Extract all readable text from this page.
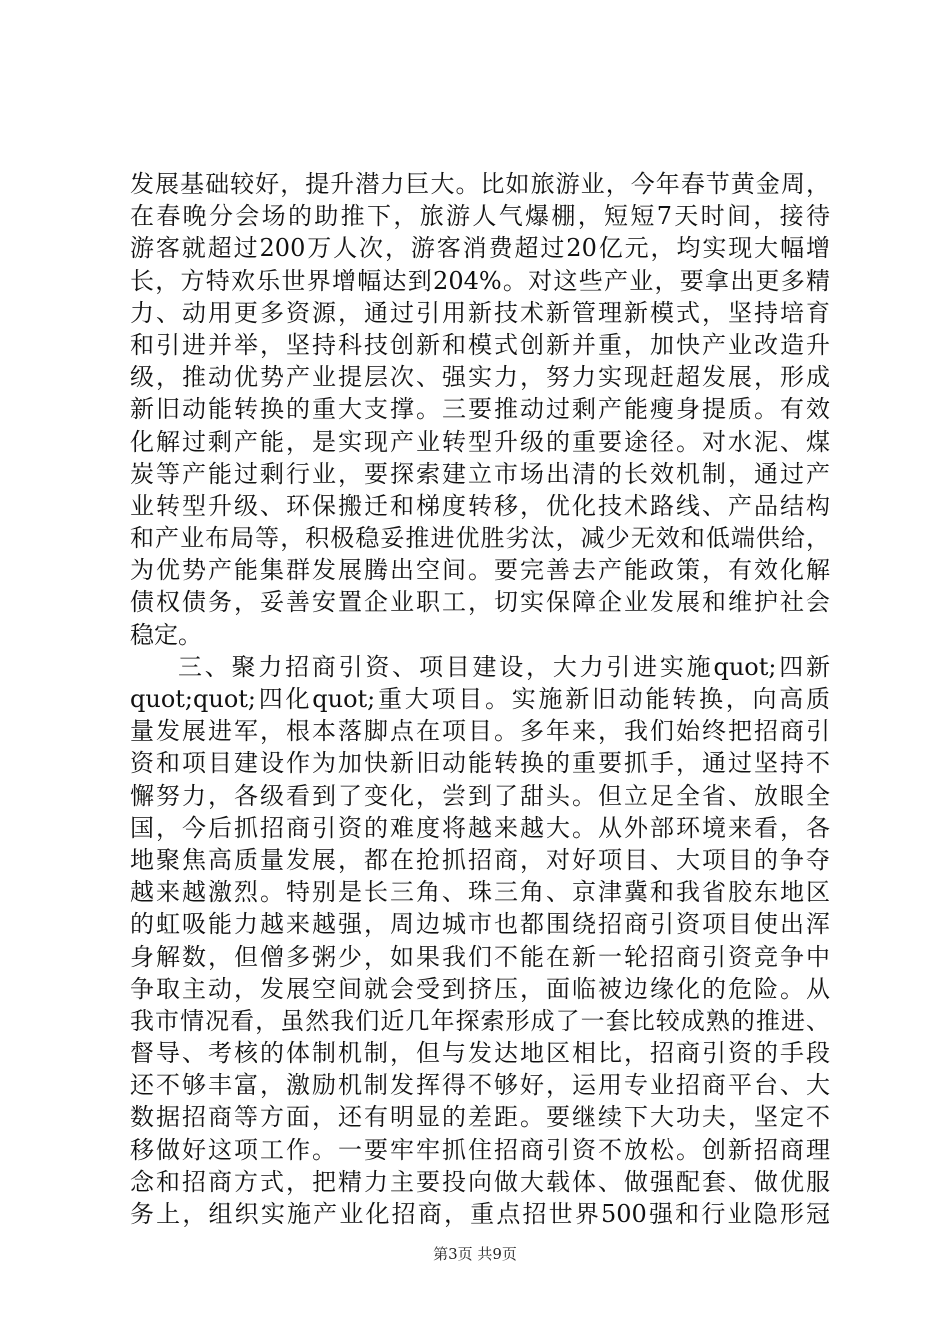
发展基础较好，提升潜力巨大。比如旅游业，今年春节黄金周，
在春晚分会场的助推下，旅游人气爆棚，短短7天时间，接待
游客就超过200万人次，游客消费超过20亿元，均实现大幅增
长，方特欢乐世界增幅达到204%。对这些产业，要拿出更多精
力、动用更多资源，通过引用新技术新管理新模式，坚持培育
和引进并举，坚持科技创新和模式创新并重，加快产业改造升
级，推动优势产业提层次、强实力，努力实现赶超发展，形成
新旧动能转换的重大支撑。三要推动过剩产能瘦身提质。有效
化解过剩产能，是实现产业转型升级的重要途径。对水泥、煤
炭等产能过剩行业，要探索建立市场出清的长效机制，通过产
业转型升级、环保搬迁和梯度转移，优化技术路线、产品结构
和产业布局等，积极稳妥推进优胜劣汰，减少无效和低端供给，
为优势产能集群发展腾出空间。要完善去产能政策，有效化解
债权债务，妥善安置企业职工，切实保障企业发展和维护社会
稳定。
三、聚力招商引资、项目建设，大力引进实施quot;四新
quot;quot;四化quot;重大项目。实施新旧动能转换，向高质
量发展进军，根本落脚点在项目。多年来，我们始终把招商引
资和项目建设作为加快新旧动能转换的重要抓手，通过坚持不
懈努力，各级看到了变化，尝到了甜头。但立足全省、放眼全
国，今后抓招商引资的难度将越来越大。从外部环境来看，各
地聚焦高质量发展，都在抢抓招商，对好项目、大项目的争夺
越来越激烈。特别是长三角、珠三角、京津冀和我省胶东地区
的虹吸能力越来越强，周边城市也都围绕招商引资项目使出浑
身解数，但僧多粥少，如果我们不能在新一轮招商引资竞争中
争取主动，发展空间就会受到挤压，面临被边缘化的危险。从
我市情况看，虽然我们近几年探索形成了一套比较成熟的推进、
督导、考核的体制机制，但与发达地区相比，招商引资的手段
还不够丰富，激励机制发挥得不够好，运用专业招商平台、大
数据招商等方面，还有明显的差距。要继续下大功夫，坚定不
移做好这项工作。一要牢牢抓住招商引资不放松。创新招商理
念和招商方式，把精力主要投向做大载体、做强配套、做优服
务上，组织实施产业化招商，重点招世界500强和行业隐形冠
第3页 共9页
